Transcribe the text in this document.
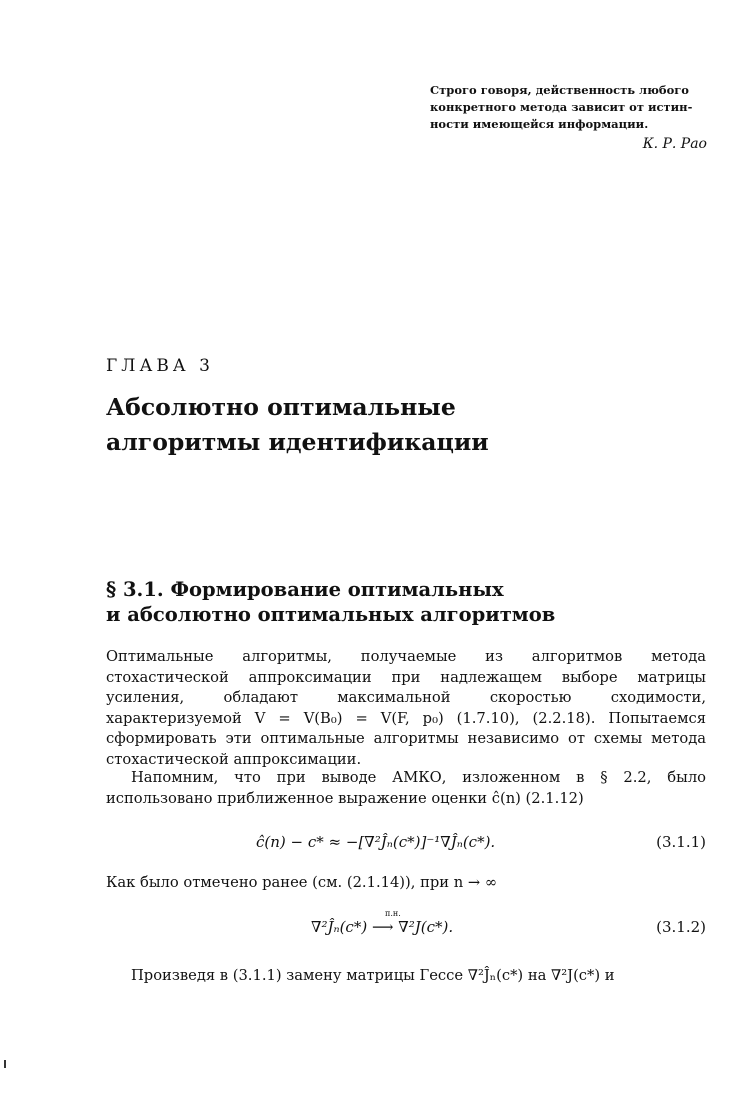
Строго говоря, действенность любого
конкретного метода зависит от истин-
ности имеющейся информации.
К. Р. Рао
ГЛАВА 3
Абсолютно оптимальные
алгоритмы идентификации
§ 3.1. Формирование оптимальных
и абсолютно оптимальных алгоритмов

Оптимальные алгоритмы, получаемые из алгоритмов метода стохастической аппроксимации при надлежащем выборе матрицы усиления, обладают максимальной скоростью сходимости, характеризуемой V = V(B₀) = V(F, p₀) (1.7.10), (2.2.18). Попытаемся сформировать эти оптимальные алгоритмы независимо от схемы метода стохастической аппроксимации.

Напомним, что при выводе АМКО, изложенном в § 2.2, было использовано приближенное выражение оценки ĉ(n) (2.1.12)

ĉ(n) − c* ≈ −[∇²Ĵₙ(c*)]⁻¹∇Ĵₙ(c*).	(3.1.1)

Как было отмечено ранее (см. (2.1.14)), при n → ∞

∇²Ĵₙ(c*) ⟶ ∇²J(c*).
п.н.
(3.1.2)

Произведя в (3.1.1) замену матрицы Гессе ∇²Ĵₙ(c*) на ∇²J(c*) и
